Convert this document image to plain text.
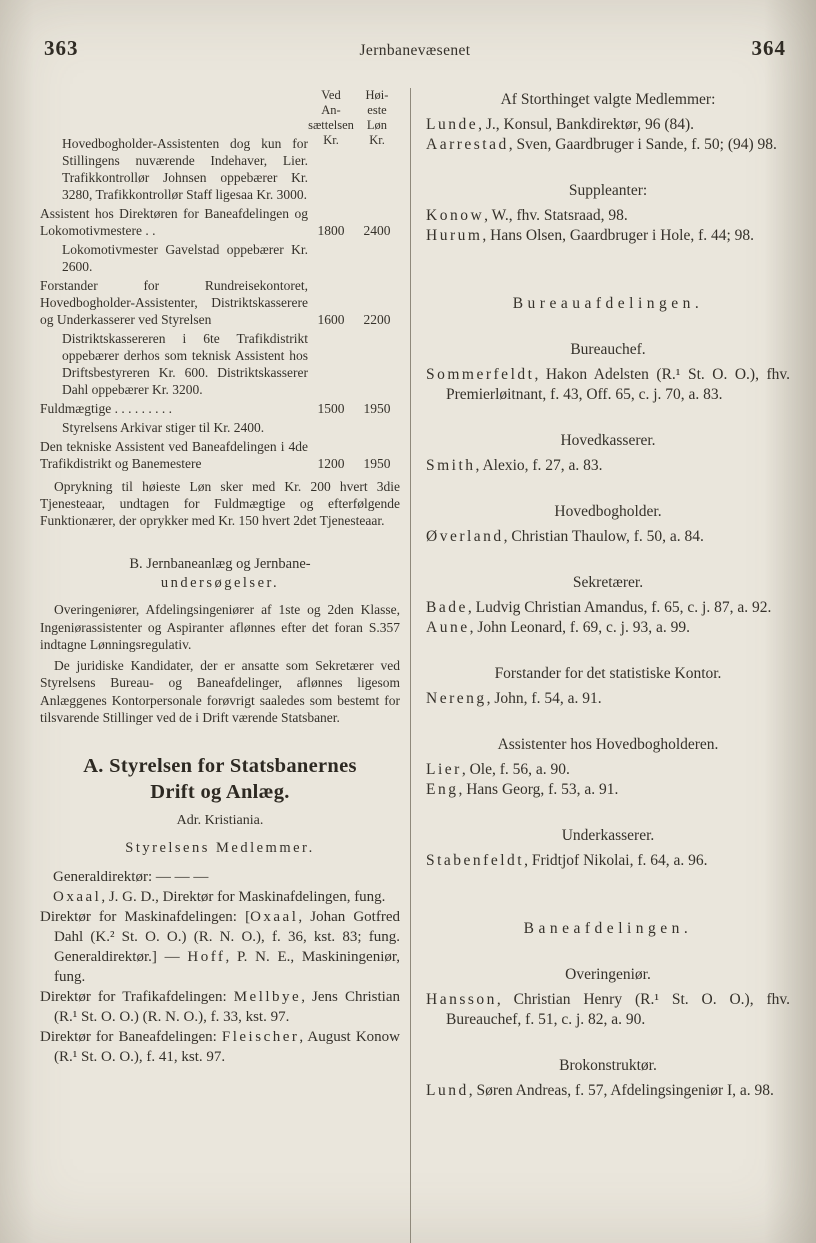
363	Jernbanevæsenet	364
Ved
An-
sættelsen
Kr.
Høi-
este
Løn
Kr.
Hovedbogholder-Assistenten dog kun for Stillingens nuværende Indehaver, Lier. Trafikkontrollør Johnsen oppebærer Kr. 3280, Trafikkontrollør Staff ligesaa Kr. 3000.
Assistent hos Direktøren for Baneafdelingen og Lokomotivmestere . .	1800	2400
Lokomotivmester Gavelstad oppebærer Kr. 2600.
Forstander for Rundreisekontoret, Hovedbogholder-Assistenter, Distriktskasserere og Underkasserer ved Styrelsen	1600	2200
Distriktskassereren i 6te Trafikdistrikt oppebærer derhos som teknisk Assistent hos Driftsbestyreren Kr. 600. Distriktskasserer Dahl oppebærer Kr. 3200.
Fuldmægtige . . . . . . . . .	1500	1950
Styrelsens Arkivar stiger til Kr. 2400.
Den tekniske Assistent ved Baneafdelingen i 4de Trafikdistrikt og Banemestere	1200	1950

Oprykning til høieste Løn sker med Kr. 200 hvert 3die Tjenesteaar, undtagen for Fuldmægtige og efterfølgende Funktionærer, der oprykker med Kr. 150 hvert 2det Tjenesteaar.

B. Jernbaneanlæg og Jernbane-
undersøgelser.

Overingeniører, Afdelingsingeniører af 1ste og 2den Klasse, Ingeniørassistenter og Aspiranter aflønnes efter det foran S.357 indtagne Lønningsregulativ.

De juridiske Kandidater, der er ansatte som Sekretærer ved Styrelsens Bureau- og Baneafdelinger, aflønnes ligesom Anlæggenes Kontorpersonale forøvrigt saaledes som bestemt for tilsvarende Stillinger ved de i Drift værende Statsbaner.

A. Styrelsen for Statsbanernes
Drift og Anlæg.

Adr. Kristiania.

Styrelsens Medlemmer.

Generaldirektør: — — —

Oxaal, J. G. D., Direktør for Maskinafdelingen, fung.

Direktør for Maskinafdelingen: [Oxaal, Johan Gotfred Dahl (K.² St. O. O.) (R. N. O.), f. 36, kst. 83; fung. Generaldirektør.] — Hoff, P. N. E., Maskiningeniør, fung.

Direktør for Trafikafdelingen: Mellbye, Jens Christian (R.¹ St. O. O.) (R. N. O.), f. 33, kst. 97.

Direktør for Baneafdelingen: Fleischer, August Konow (R.¹ St. O. O.), f. 41, kst. 97.

Af Storthinget valgte Medlemmer:
Lunde, J., Konsul, Bankdirektør, 96 (84).
Aarrestad, Sven, Gaardbruger i Sande, f. 50; (94) 98.
Suppleanter:
Konow, W., fhv. Statsraad, 98.
Hurum, Hans Olsen, Gaardbruger i Hole, f. 44; 98.
Bureauafdelingen.
Bureauchef.
Sommerfeldt, Hakon Adelsten (R.¹ St. O. O.), fhv. Premierløitnant, f. 43, Off. 65, c. j. 70, a. 83.
Hovedkasserer.
Smith, Alexio, f. 27, a. 83.
Hovedbogholder.
Øverland, Christian Thaulow, f. 50, a. 84.
Sekretærer.
Bade, Ludvig Christian Amandus, f. 65, c. j. 87, a. 92.
Aune, John Leonard, f. 69, c. j. 93, a. 99.
Forstander for det statistiske Kontor.
Nereng, John, f. 54, a. 91.
Assistenter hos Hovedbogholderen.
Lier, Ole, f. 56, a. 90.
Eng, Hans Georg, f. 53, a. 91.
Underkasserer.
Stabenfeldt, Fridtjof Nikolai, f. 64, a. 96.
Baneafdelingen.
Overingeniør.
Hansson, Christian Henry (R.¹ St. O. O.), fhv. Bureauchef, f. 51, c. j. 82, a. 90.
Brokonstruktør.
Lund, Søren Andreas, f. 57, Afdelingsingeniør I, a. 98.
